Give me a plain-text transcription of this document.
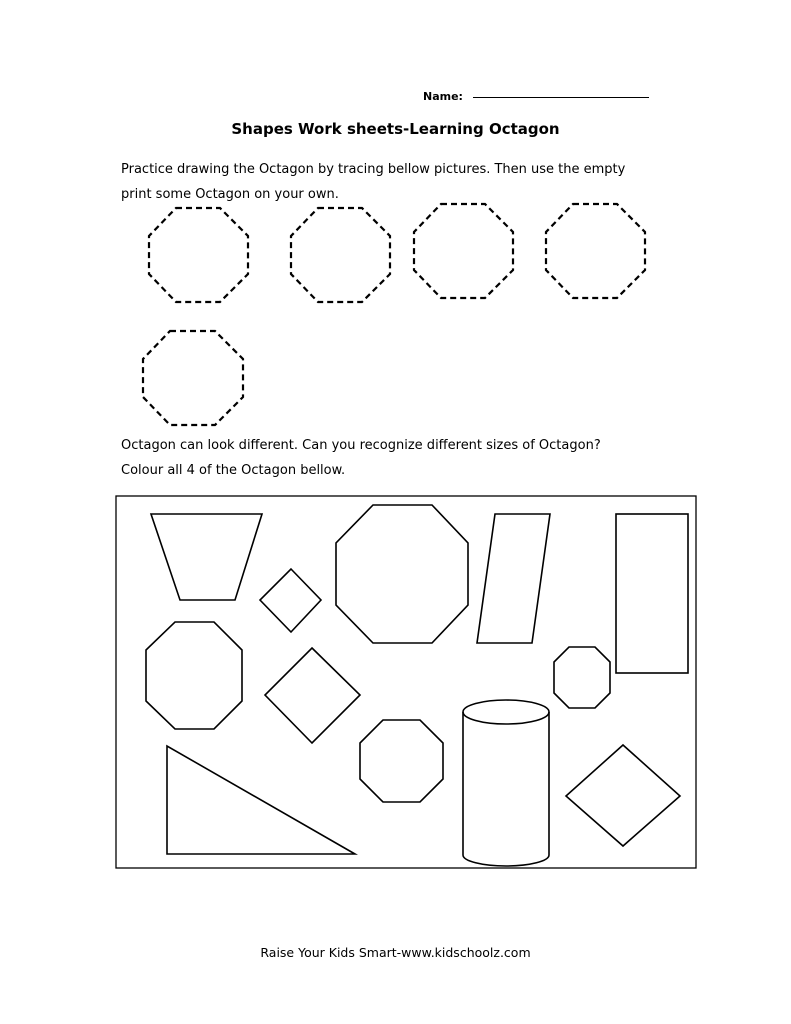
Name:
Shapes Work sheets-Learning Octagon
Practice drawing the Octagon by tracing bellow pictures. Then use the empty
print some Octagon on your own.
Octagon can look different. Can you recognize different sizes of Octagon?
Colour all 4 of the Octagon bellow.
Raise Your Kids Smart-www.kidschoolz.com
